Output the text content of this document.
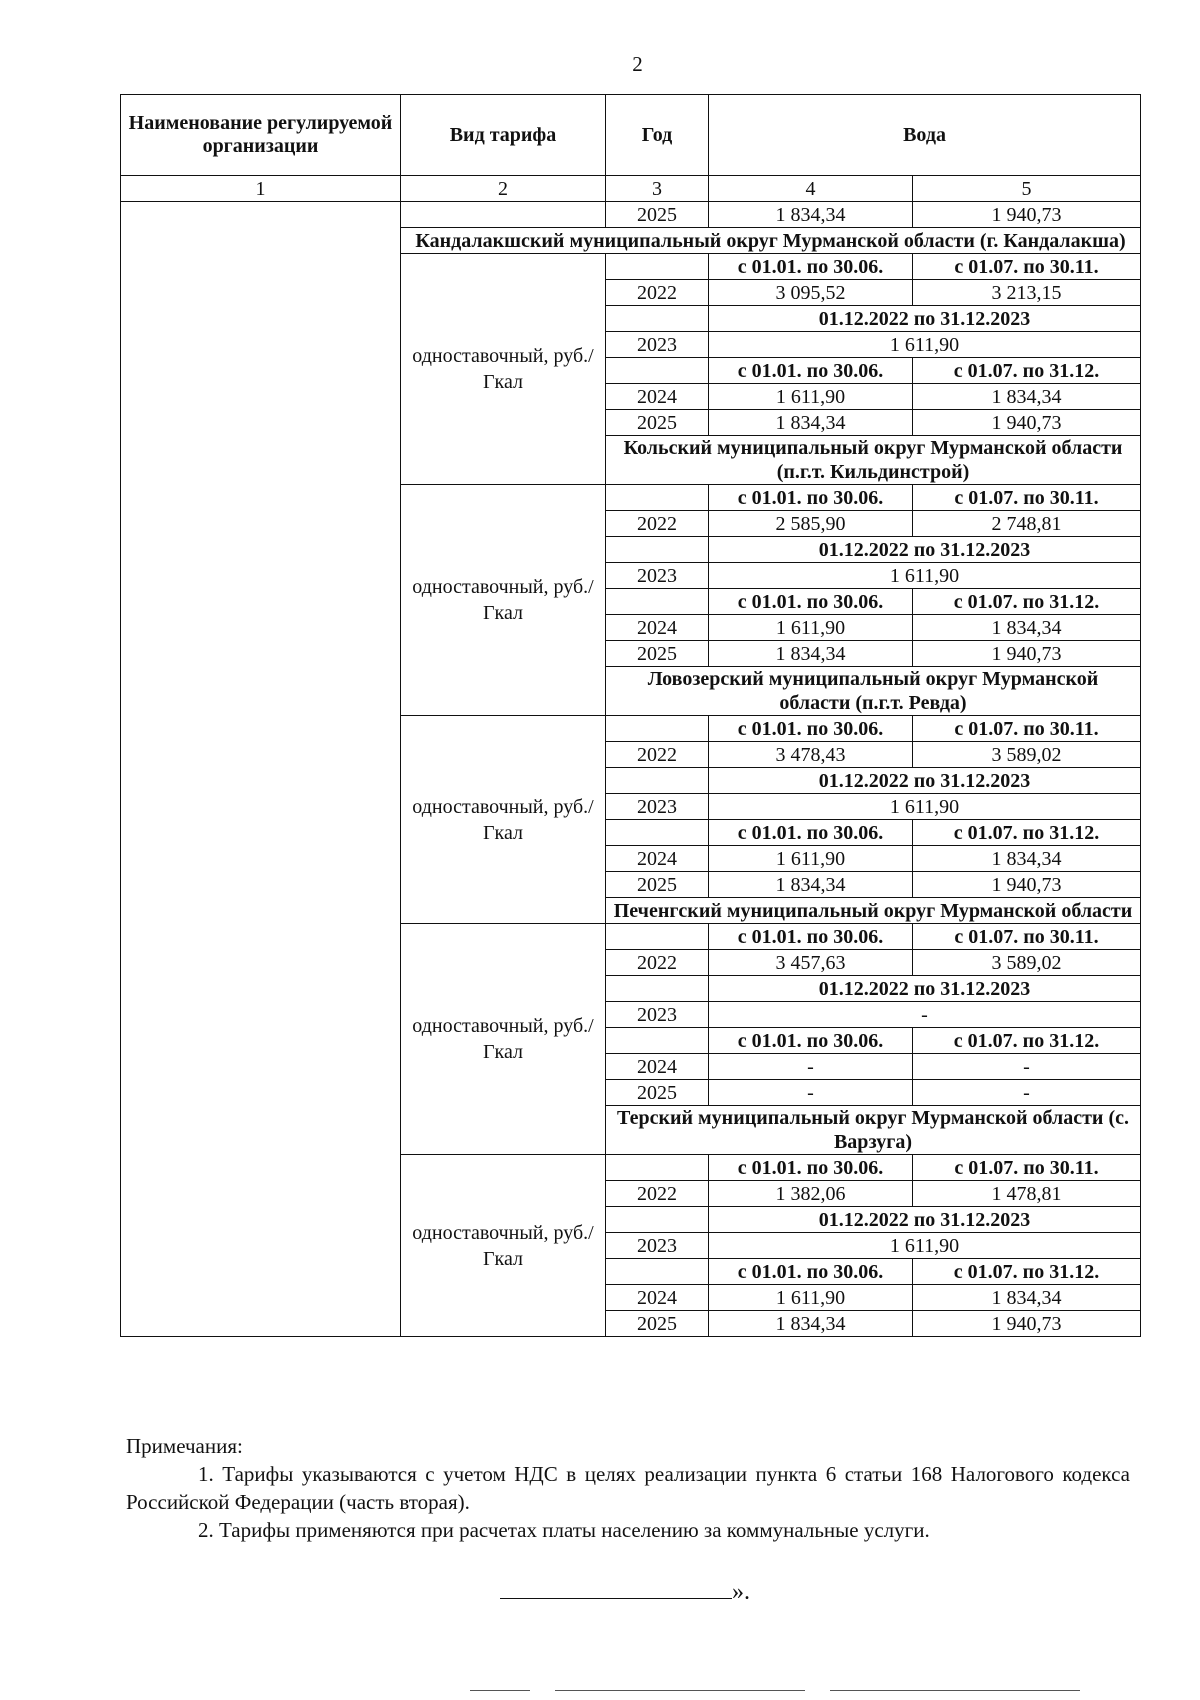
2
Наименование регулируемой организации	Вид тарифа	Год	Вода	
1	2	3	4	5
		2025	1 834,34	1 940,73
	Кандалакшский муниципальный округ Мурманской области (г. Кандалакша)			
	одноставочный, руб./Гкал		с 01.01. по 30.06.	с 01.07. по 30.11.
		2022	3 095,52	3 213,15
			01.12.2022 по 31.12.2023	
		2023	1 611,90	
			с 01.01. по 30.06.	с 01.07. по 31.12.
		2024	1 611,90	1 834,34
		2025	1 834,34	1 940,73
		Кольский муниципальный округ Мурманской области (п.г.т. Кильдинстрой)		
	одноставочный, руб./Гкал		с 01.01. по 30.06.	с 01.07. по 30.11.
		2022	2 585,90	2 748,81
			01.12.2022 по 31.12.2023	
		2023	1 611,90	
			с 01.01. по 30.06.	с 01.07. по 31.12.
		2024	1 611,90	1 834,34
		2025	1 834,34	1 940,73
		Ловозерский муниципальный округ Мурманской области (п.г.т. Ревда)		
	одноставочный, руб./Гкал		с 01.01. по 30.06.	с 01.07. по 30.11.
		2022	3 478,43	3 589,02
			01.12.2022 по 31.12.2023	
		2023	1 611,90	
			с 01.01. по 30.06.	с 01.07. по 31.12.
		2024	1 611,90	1 834,34
		2025	1 834,34	1 940,73
		Печенгский муниципальный округ Мурманской области		
	одноставочный, руб./Гкал		с 01.01. по 30.06.	с 01.07. по 30.11.
		2022	3 457,63	3 589,02
			01.12.2022 по 31.12.2023	
		2023	-	
			с 01.01. по 30.06.	с 01.07. по 31.12.
		2024	-	-
		2025	-	-
		Терский муниципальный округ Мурманской области (с. Варзуга)		
	одноставочный, руб./Гкал		с 01.01. по 30.06.	с 01.07. по 30.11.
		2022	1 382,06	1 478,81
			01.12.2022 по 31.12.2023	
		2023	1 611,90	
			с 01.01. по 30.06.	с 01.07. по 31.12.
		2024	1 611,90	1 834,34
		2025	1 834,34	1 940,73

Примечания:

1. Тарифы указываются с учетом НДС в целях реализации пункта 6 статьи 168 Налогового кодекса Российской Федерации (часть вторая).

2. Тарифы применяются при расчетах платы населению за коммунальные услуги.

».
